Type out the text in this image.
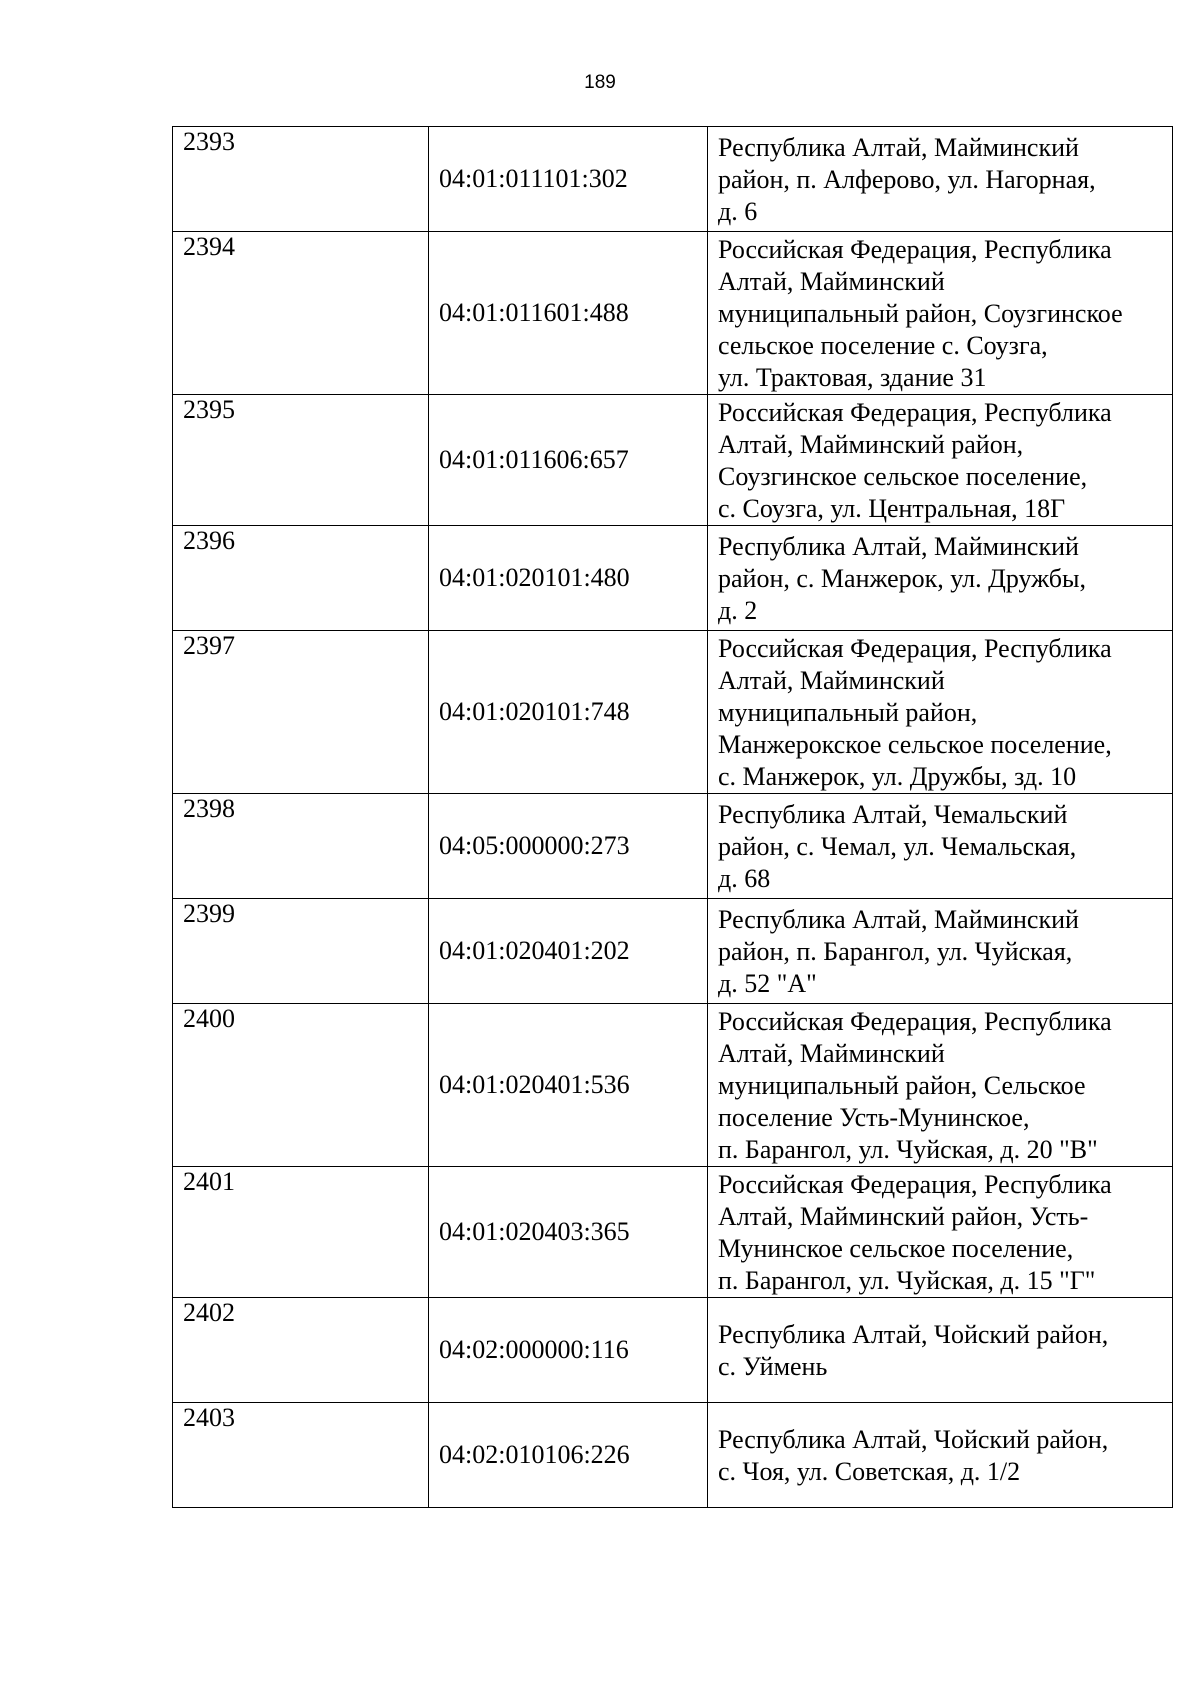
189
2393	04:01:011101:302	Республика Алтай, Майминский
район, п. Алферово, ул. Нагорная,
д. 6

2394	04:01:011601:488	Российская Федерация, Республика
Алтай, Майминский
муниципальный район, Соузгинское
сельское поселение с. Соузга,
ул. Трактовая, здание 31

2395	04:01:011606:657	Российская Федерация, Республика
Алтай, Майминский район,
Соузгинское сельское поселение,
с. Соузга, ул. Центральная, 18Г

2396	04:01:020101:480	Республика Алтай, Майминский
район, с. Манжерок, ул. Дружбы,
д. 2

2397	04:01:020101:748	Российская Федерация, Республика
Алтай, Майминский
муниципальный район,
Манжерокское сельское поселение,
с. Манжерок, ул. Дружбы, зд. 10

2398	04:05:000000:273	Республика Алтай, Чемальский
район, с. Чемал, ул. Чемальская,
д. 68

2399	04:01:020401:202	Республика Алтай, Майминский
район, п. Барангол, ул. Чуйская,
д. 52 "А"

2400	04:01:020401:536	Российская Федерация, Республика
Алтай, Майминский
муниципальный район, Сельское
поселение Усть-Мунинское,
п. Барангол, ул. Чуйская, д. 20 "В"

2401	04:01:020403:365	Российская Федерация, Республика
Алтай, Майминский район, Усть-
Мунинское сельское поселение,
п. Барангол, ул. Чуйская, д. 15 "Г"

2402	04:02:000000:116	Республика Алтай, Чойский район,
с. Уймень

2403	04:02:010106:226	Республика Алтай, Чойский район,
с. Чоя, ул. Советская, д. 1/2
